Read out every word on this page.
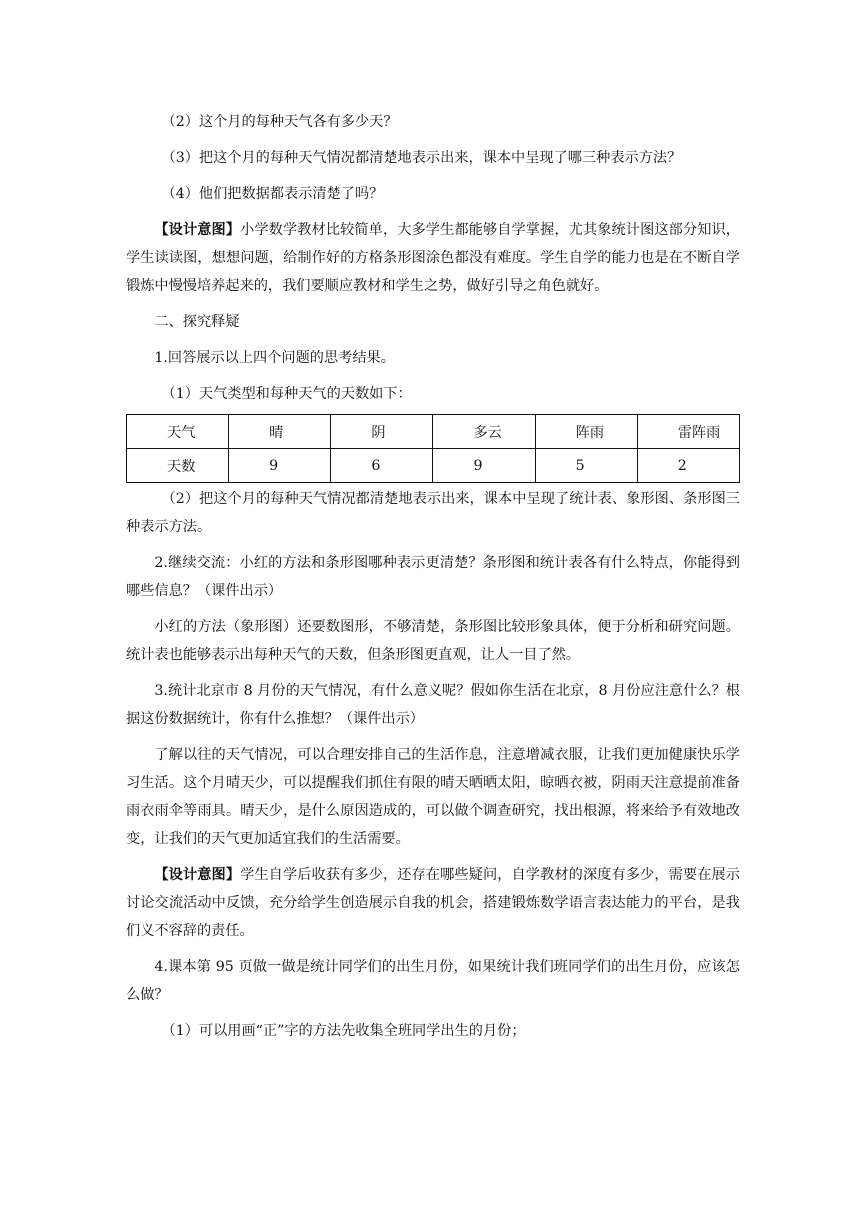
（2）这个月的每种天气各有多少天？

（3）把这个月的每种天气情况都清楚地表示出来，课本中呈现了哪三种表示方法？

（4）他们把数据都表示清楚了吗？

【设计意图】小学数学教材比较简单，大多学生都能够自学掌握，尤其象统计图这部分知识，学生读读图，想想问题，给制作好的方格条形图涂色都没有难度。学生自学的能力也是在不断自学锻炼中慢慢培养起来的，我们要顺应教材和学生之势，做好引导之角色就好。

二、探究释疑

1.回答展示以上四个问题的思考结果。

（1）天气类型和每种天气的天数如下：

天气	晴	阴	多云	阵雨	雷阵雨
天数	9	6	9	5	2

（2）把这个月的每种天气情况都清楚地表示出来，课本中呈现了统计表、象形图、条形图三种表示方法。

2.继续交流：小红的方法和条形图哪种表示更清楚？条形图和统计表各有什么特点，你能得到哪些信息？（课件出示）

小红的方法（象形图）还要数图形，不够清楚，条形图比较形象具体，便于分析和研究问题。统计表也能够表示出每种天气的天数，但条形图更直观，让人一目了然。

3.统计北京市 8 月份的天气情况，有什么意义呢？假如你生活在北京，8 月份应注意什么？根据这份数据统计，你有什么推想？（课件出示）

了解以往的天气情况，可以合理安排自己的生活作息，注意增减衣服，让我们更加健康快乐学习生活。这个月晴天少，可以提醒我们抓住有限的晴天晒晒太阳，晾晒衣被，阴雨天注意提前准备雨衣雨伞等雨具。晴天少，是什么原因造成的，可以做个调查研究，找出根源，将来给予有效地改变，让我们的天气更加适宜我们的生活需要。

【设计意图】学生自学后收获有多少，还存在哪些疑问，自学教材的深度有多少，需要在展示讨论交流活动中反馈，充分给学生创造展示自我的机会，搭建锻炼数学语言表达能力的平台，是我们义不容辞的责任。

4.课本第 95 页做一做是统计同学们的出生月份，如果统计我们班同学们的出生月份，应该怎么做？

（1）可以用画“正”字的方法先收集全班同学出生的月份；
